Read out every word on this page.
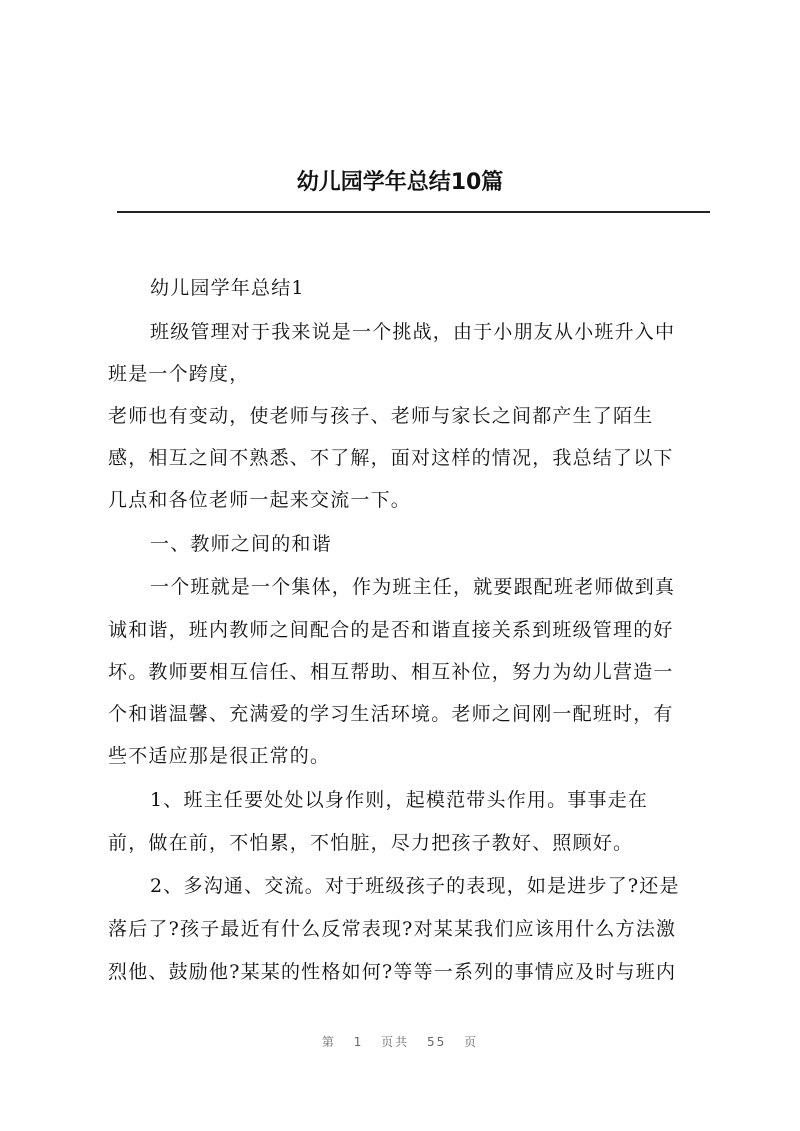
幼儿园学年总结10篇
幼儿园学年总结1
班级管理对于我来说是一个挑战，由于小朋友从小班升入中
班是一个跨度，
老师也有变动，使老师与孩子、老师与家长之间都产生了陌生
感，相互之间不熟悉、不了解，面对这样的情况，我总结了以下
几点和各位老师一起来交流一下。
一、教师之间的和谐
一个班就是一个集体，作为班主任，就要跟配班老师做到真
诚和谐，班内教师之间配合的是否和谐直接关系到班级管理的好
坏。教师要相互信任、相互帮助、相互补位，努力为幼儿营造一
个和谐温馨、充满爱的学习生活环境。老师之间刚一配班时，有
些不适应那是很正常的。
1、班主任要处处以身作则，起模范带头作用。事事走在
前，做在前，不怕累，不怕脏，尽力把孩子教好、照顾好。
2、多沟通、交流。对于班级孩子的表现，如是进步了?还是
落后了?孩子最近有什么反常表现?对某某我们应该用什么方法激
烈他、鼓励他?某某的性格如何?等等一系列的事情应及时与班内
第 1 页共 55 页
